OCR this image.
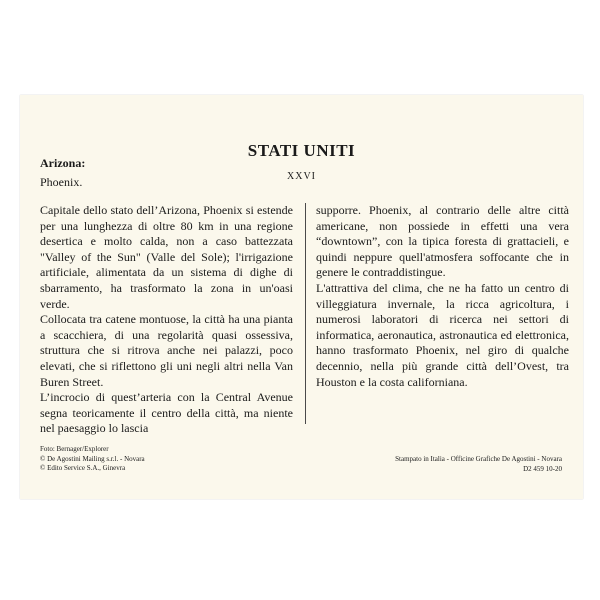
STATI UNITI
XXVI
Arizona:
Phoenix.

Capitale dello stato dell’Arizona, Phoenix si estende per una lunghezza di oltre 80 km in una regione desertica e molto calda, non a caso battezzata "Valley of the Sun" (Valle del Sole); l'irrigazione artificiale, alimentata da un sistema di dighe di sbarramento, ha trasformato la zona in un'oasi verde.

Collocata tra catene montuose, la città ha una pianta a scacchiera, di una regolarità quasi ossessiva, struttura che si ritrova anche nei palazzi, poco elevati, che si riflettono gli uni negli altri nella Van Buren Street.

L’incrocio di quest’arteria con la Central Avenue segna teoricamente il centro della città, ma niente nel paesaggio lo lascia

supporre. Phoenix, al contrario delle altre città americane, non possiede in effetti una vera “downtown”, con la tipica foresta di grattacieli, e quindi neppure quell'atmosfera soffocante che in genere le contraddistingue.

L'attrattiva del clima, che ne ha fatto un centro di villeggiatura invernale, la ricca agricoltura, i numerosi laboratori di ricerca nei settori di informatica, aeronautica, astronautica ed elettronica, hanno trasformato Phoenix, nel giro di qualche decennio, nella più grande città dell’Ovest, tra Houston e la costa californiana.

Foto: Bernager/Explorer
© De Agostini Mailing s.r.l. - Novara
© Edito Service S.A., Ginevra
Stampato in Italia - Officine Grafiche De Agostini - Novara
D2 459 10-20
